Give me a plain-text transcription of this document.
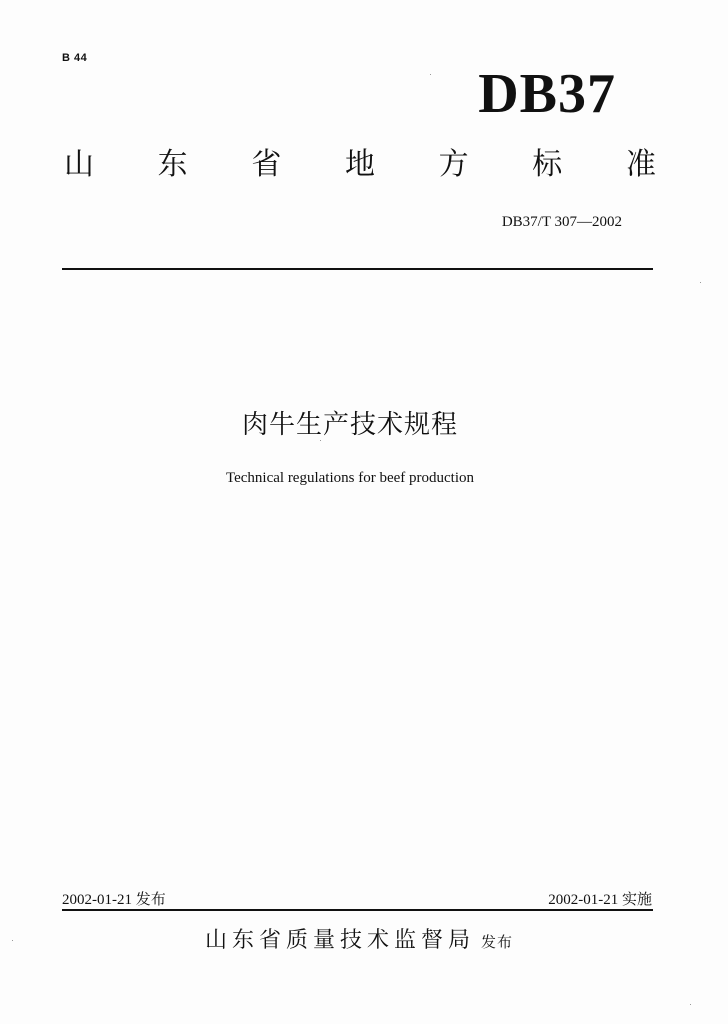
B 44
DB37
山 东 省 地 方 标 准
DB37/T 307—2002
肉牛生产技术规程
Technical regulations for beef production
2002-01-21 发布	2002-01-21 实施
山东省质量技术监督局 发布
